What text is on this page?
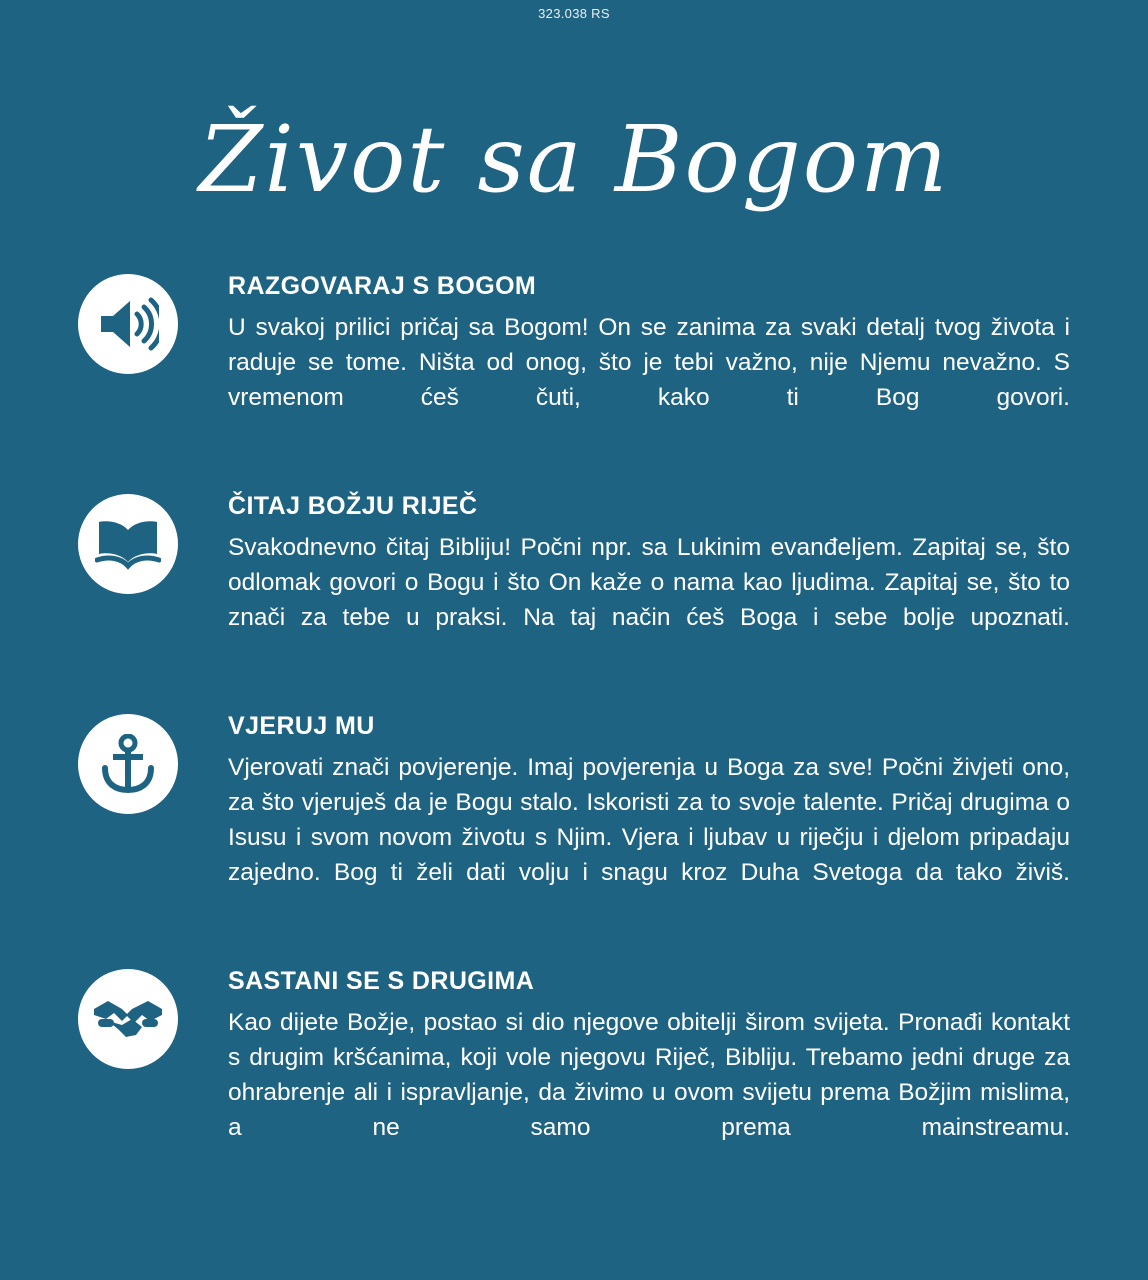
323.038 RS
Život sa Bogom
RAZGOVARAJ S BOGOM

U svakoj prilici pričaj sa Bogom! On se zanima za svaki detalj tvog života i raduje se tome. Ništa od onog, što je tebi važno, nije Njemu nevažno. S vremenom ćeš čuti, kako ti Bog govori.

ČITAJ BOŽJU RIJEČ

Svakodnevno čitaj Bibliju! Počni npr. sa Lukinim evanđeljem. Zapitaj se, što odlomak govori o Bogu i što On kaže o nama kao ljudima. Zapitaj se, što to znači za tebe u praksi. Na taj način ćeš Boga i sebe bolje upoznati.

VJERUJ MU

Vjerovati znači povjerenje. Imaj povjerenja u Boga za sve! Počni živjeti ono, za što vjeruješ da je Bogu stalo. Iskoristi za to svoje talente. Pričaj drugima o Isusu i svom novom životu s Njim. Vjera i ljubav u riječju i djelom pripadaju zajedno. Bog ti želi dati volju i snagu kroz Duha Svetoga da tako živiš.

SASTANI SE S DRUGIMA

Kao dijete Božje, postao si dio njegove obitelji širom svijeta. Pronađi kontakt s drugim kršćanima, koji vole njegovu Riječ, Bibliju. Trebamo jedni druge za ohrabrenje ali i ispravljanje, da živimo u ovom svijetu prema Božjim mislima, a ne samo prema mainstreamu.
